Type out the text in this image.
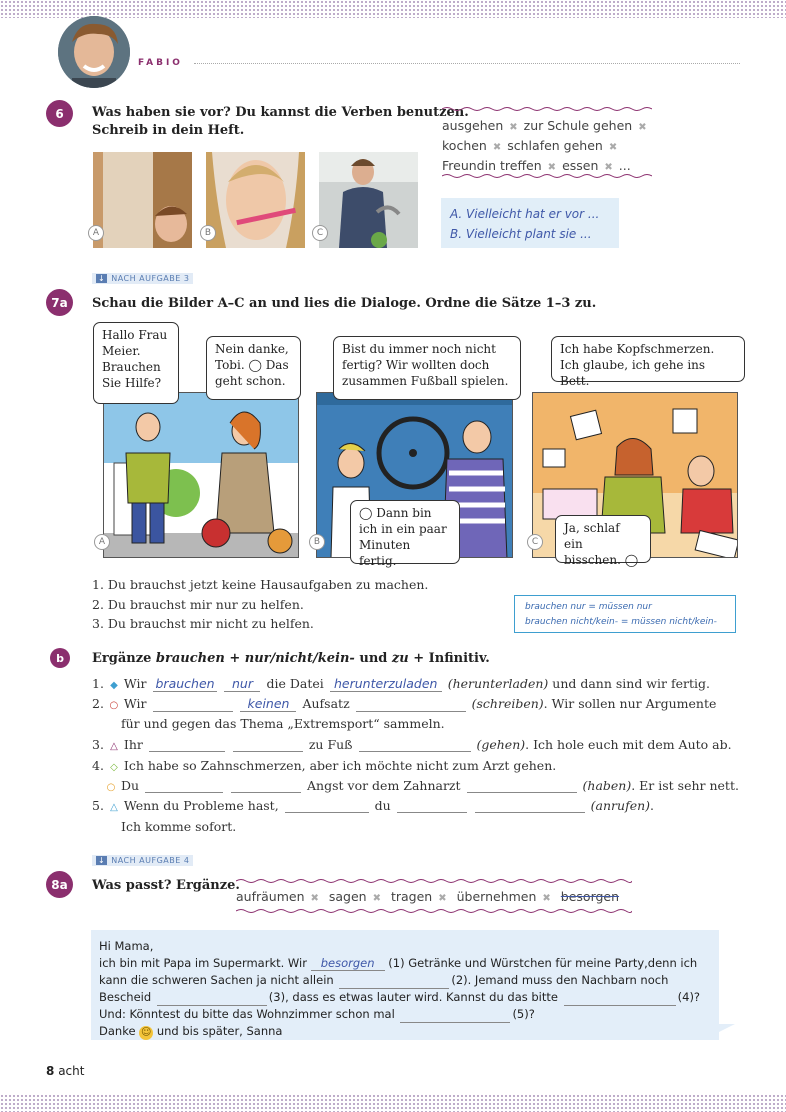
FABIO
6	Was haben sie vor? Du kannst die Verben benutzen.
Schreib in dein Heft.	ausgehen ✖ zur Schule gehen ✖
kochen ✖ schlafen gehen ✖
Freundin treffen ✖ essen ✖ ...
A	B	C
A. Vielleicht hat er vor ...
B. Vielleicht plant sie ...
↓ NACH AUFGABE 3
7a	Schau die Bilder A–C an und lies die Dialoge. Ordne die Sätze 1–3 zu.
A	B	C
Hallo Frau
Meier.
Brauchen
Sie Hilfe?
Nein danke,
Tobi. ◯ Das
geht schon.
Bist du immer noch nicht
fertig? Wir wollten doch
zusammen Fußball spielen.
◯ Dann bin
ich in ein paar
Minuten fertig.
Ich habe Kopfschmerzen.
Ich glaube, ich gehe ins Bett.
Ja, schlaf ein
bisschen. ◯
1. Du brauchst jetzt keine Hausaufgaben zu machen.
2. Du brauchst mir nur zu helfen.
3. Du brauchst mir nicht zu helfen.
brauchen nur = müssen nur
brauchen nicht/kein- = müssen nicht/kein-
b	Ergänze brauchen + nur/nicht/kein- und zu + Infinitiv.
1. ◆ Wir brauchen nur die Datei herunterzuladen (herunterladen) und dann sind wir fertig.
2. ○ Wir	keinen Aufsatz	(schreiben). Wir sollen nur Argumente
für und gegen das Thema „Extremsport“ sammeln.
3. △ Ihr	zu Fuß	(gehen). Ich hole euch mit dem Auto ab.
4. ◇ Ich habe so Zahnschmerzen, aber ich möchte nicht zum Arzt gehen.
○ Du	Angst vor dem Zahnarzt	(haben). Er ist sehr nett.
5. △ Wenn du Probleme hast,	du	(anrufen).
Ich komme sofort.
↓ NACH AUFGABE 4
8a	Was passt? Ergänze.
aufräumen ✖ sagen ✖ tragen ✖ übernehmen ✖ besorgen
Hi Mama,
ich bin mit Papa im Supermarkt. Wir besorgen (1) Getränke und Würstchen für meine Party,denn ich
kann die schweren Sachen ja nicht allein	(2). Jemand muss den Nachbarn noch
Bescheid	(3), dass es etwas lauter wird. Kannst du das bitte	(4)?
Und: Könntest du bitte das Wohnzimmer schon mal	(5)?
Danke ☺ und bis später, Sanna
8 acht
